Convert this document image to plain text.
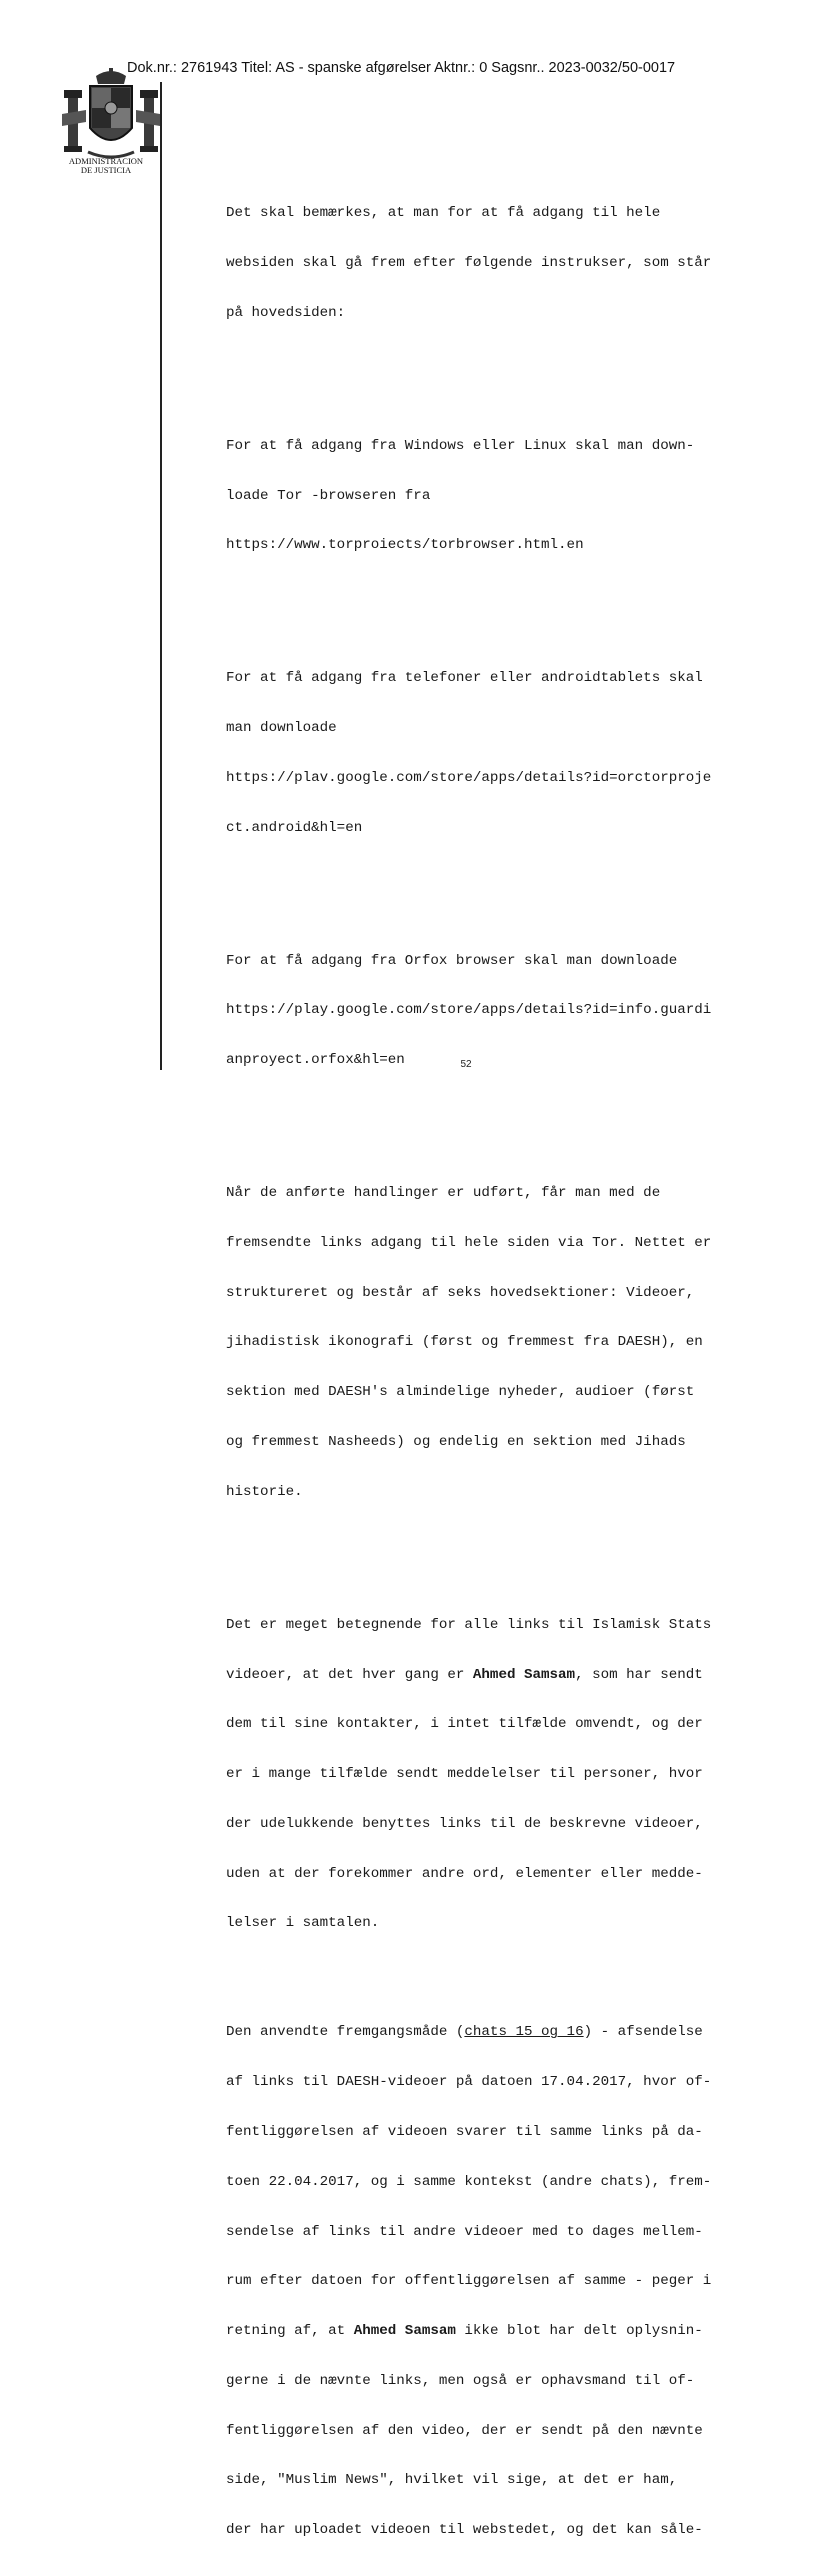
Dok.nr.: 2761943 Titel: AS - spanske afgørelser Aktnr.: 0 Sagsnr.. 2023-0032/50-0017
ADMINISTRACION
DE JUSTICIA

Det skal bemærkes, at man for at få adgang til hele

websiden skal gå frem efter følgende instrukser, som står

på hovedsiden:

For at få adgang fra Windows eller Linux skal man down-

loade Tor -browseren fra

https://www.torproiects/torbrowser.html.en

For at få adgang fra telefoner eller androidtablets skal

man downloade

https://plav.google.com/store/apps/details?id=orctorproje

ct.android&hl=en

For at få adgang fra Orfox browser skal man downloade

https://play.google.com/store/apps/details?id=info.guardi

anproyect.orfox&hl=en

Når de anførte handlinger er udført, får man med de

fremsendte links adgang til hele siden via Tor. Nettet er

struktureret og består af seks hovedsektioner: Videoer,

jihadistisk ikonografi (først og fremmest fra DAESH), en

sektion med DAESH's almindelige nyheder, audioer (først

og fremmest Nasheeds) og endelig en sektion med Jihads

historie.

Det er meget betegnende for alle links til Islamisk Stats

videoer, at det hver gang er Ahmed Samsam, som har sendt

dem til sine kontakter, i intet tilfælde omvendt, og der

er i mange tilfælde sendt meddelelser til personer, hvor

der udelukkende benyttes links til de beskrevne videoer,

uden at der forekommer andre ord, elementer eller medde-

lelser i samtalen.

Den anvendte fremgangsmåde (chats 15 og 16) - afsendelse

af links til DAESH-videoer på datoen 17.04.2017, hvor of-

fentliggørelsen af videoen svarer til samme links på da-

toen 22.04.2017, og i samme kontekst (andre chats), frem-

sendelse af links til andre videoer med to dages mellem-

rum efter datoen for offentliggørelsen af samme - peger i

retning af, at Ahmed Samsam ikke blot har delt oplysnin-

gerne i de nævnte links, men også er ophavsmand til of-

fentliggørelsen af den video, der er sendt på den nævnte

side, "Muslim News", hvilket vil sige, at det er ham,

der har uploadet videoen til webstedet, og det kan såle-

52
